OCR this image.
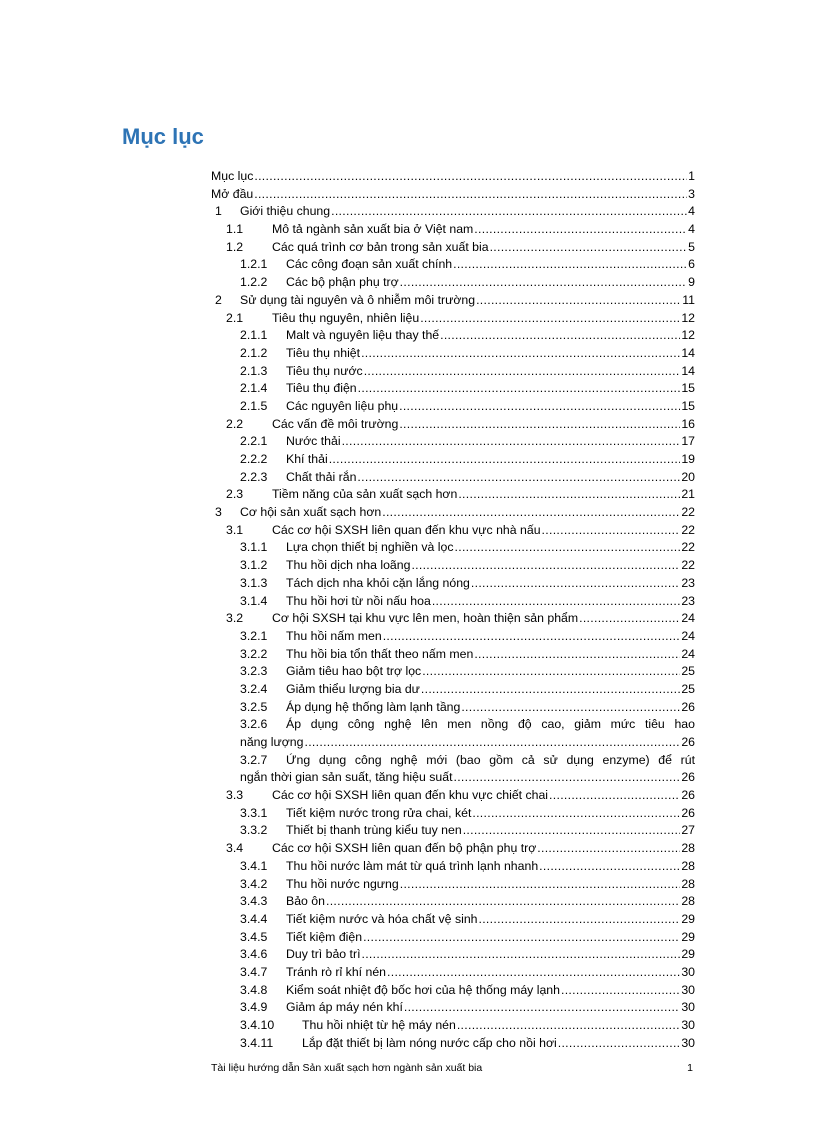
Mục lục
Mục lục .....	1
Mở đầu .....	3
1 Giới thiệu chung .....	4
1.1 Mô tả ngành sản xuất bia ở Việt nam .....	4
1.2 Các quá trình cơ bản trong sản xuất bia .....	5
1.2.1 Các công đoạn sản xuất chính .....	6
1.2.2 Các bộ phận phụ trợ .....	9
2 Sử dụng tài nguyên và ô nhiễm môi trường .....	11
2.1 Tiêu thụ nguyên, nhiên liệu .....	12
2.1.1 Malt và nguyên liệu thay thế .....	12
2.1.2 Tiêu thụ nhiệt .....	14
2.1.3 Tiêu thụ nước .....	14
2.1.4 Tiêu thụ điện .....	15
2.1.5 Các nguyên liệu phụ .....	15
2.2 Các vấn đề môi trường .....	16
2.2.1 Nước thải .....	17
2.2.2 Khí thải .....	19
2.2.3 Chất thải rắn .....	20
2.3 Tiềm năng của sản xuất sạch hơn .....	21
3 Cơ hội sản xuất sạch hơn .....	22
3.1 Các cơ hội SXSH liên quan đến khu vực nhà nấu .....	22
3.1.1 Lựa chọn thiết bị nghiền và lọc .....	22
3.1.2 Thu hồi dịch nha loãng .....	22
3.1.3 Tách dịch nha khỏi cặn lắng nóng .....	23
3.1.4 Thu hồi hơi từ nồi nấu hoa .....	23
3.2 Cơ hội SXSH tại khu vực lên men, hoàn thiện sản phẩm .....	24
3.2.1 Thu hồi nấm men .....	24
3.2.2 Thu hồi bia tổn thất theo nấm men .....	24
3.2.3 Giảm tiêu hao bột trợ lọc .....	25
3.2.4 Giảm thiểu lượng bia dư .....	25
3.2.5 Áp dụng hệ thống làm lạnh tầng .....	26
3.2.6 Áp dụng công nghệ lên men nồng độ cao, giảm mức tiêu hao
năng lượng .....	26
3.2.7 Ứng dụng công nghệ mới (bao gồm cả sử dụng enzyme) để rút
ngắn thời gian sản suất, tăng hiệu suất .....	26
3.3 Các cơ hội SXSH liên quan đến khu vực chiết chai .....	26
3.3.1 Tiết kiệm nước trong rửa chai, két .....	26
3.3.2 Thiết bị thanh trùng kiểu tuy nen .....	27
3.4 Các cơ hội SXSH liên quan đến bộ phận phụ trợ .....	28
3.4.1 Thu hồi nước làm mát từ quá trình lạnh nhanh .....	28
3.4.2 Thu hồi nước ngưng .....	28
3.4.3 Bảo ôn .....	28
3.4.4 Tiết kiệm nước và hóa chất vệ sinh .....	29
3.4.5 Tiết kiệm điện .....	29
3.4.6 Duy trì bảo trì .....	29
3.4.7 Tránh rò rỉ khí nén .....	30
3.4.8 Kiểm soát nhiệt độ bốc hơi của hệ thống máy lạnh .....	30
3.4.9 Giảm áp máy nén khí .....	30
3.4.10 Thu hồi nhiệt từ hệ máy nén .....	30
3.4.11 Lắp đặt thiết bị làm nóng nước cấp cho nồi hơi .....	30
Tài liệu hướng dẫn Sản xuất sạch hơn ngành sản xuất bia	1
